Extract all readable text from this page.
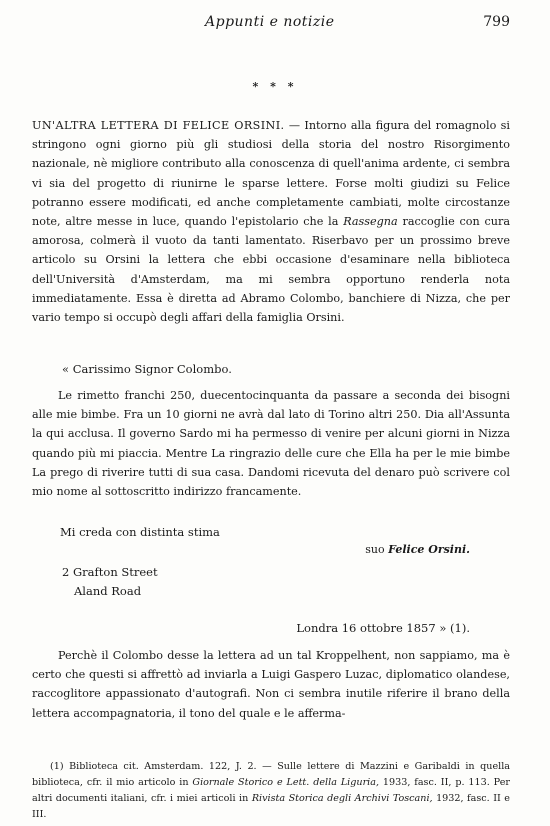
Appunti e notizie	799
* * *

UN'ALTRA LETTERA DI FELICE ORSINI. — Intorno alla figura del romagnolo si stringono ogni giorno più gli studiosi della storia del nostro Risorgimento nazionale, nè migliore contributo alla conoscenza di quell'anima ardente, ci sembra vi sia del progetto di riunirne le sparse lettere. Forse molti giudizi su Felice potranno essere modificati, ed anche completamente cambiati, molte circostanze note, altre messe in luce, quando l'epistolario che la Rassegna raccoglie con cura amorosa, colmerà il vuoto da tanti lamentato. Riserbavo per un prossimo breve articolo su Orsini la lettera che ebbi occasione d'esaminare nella biblioteca dell'Università d'Amsterdam, ma mi sembra opportuno renderla nota immediatamente. Essa è diretta ad Abramo Colombo, banchiere di Nizza, che per vario tempo si occupò degli affari della famiglia Orsini.

« Carissimo Signor Colombo.

Le rimetto franchi 250, duecentocinquanta da passare a seconda dei bisogni alle mie bimbe. Fra un 10 giorni ne avrà dal lato di Torino altri 250. Dia all'Assunta la qui acclusa. Il governo Sardo mi ha permesso di venire per alcuni giorni in Nizza quando più mi piaccia. Mentre La ringrazio delle cure che Ella ha per le mie bimbe La prego di riverire tutti di sua casa. Dandomi ricevuta del denaro può scrivere col mio nome al sottoscritto indirizzo francamente.

Mi creda con distinta stima
suo Felice Orsini.
2 Grafton Street
Aland Road
Londra 16 ottobre 1857 » (1).

Perchè il Colombo desse la lettera ad un tal Kroppelhent, non sappiamo, ma è certo che questi si affrettò ad inviarla a Luigi Gaspero Luzac, diplomatico olandese, raccoglitore appassionato d'autografi. Non ci sembra inutile riferire il brano della lettera accompagnatoria, il tono del quale e le afferma-

(1) Biblioteca cit. Amsterdam. 122, J. 2. — Sulle lettere di Mazzini e Garibaldi in quella biblioteca, cfr. il mio articolo in Giornale Storico e Lett. della Liguria, 1933, fasc. II, p. 113. Per altri documenti italiani, cfr. i miei articoli in Rivista Storica degli Archivi Toscani, 1932, fasc. II e III.
